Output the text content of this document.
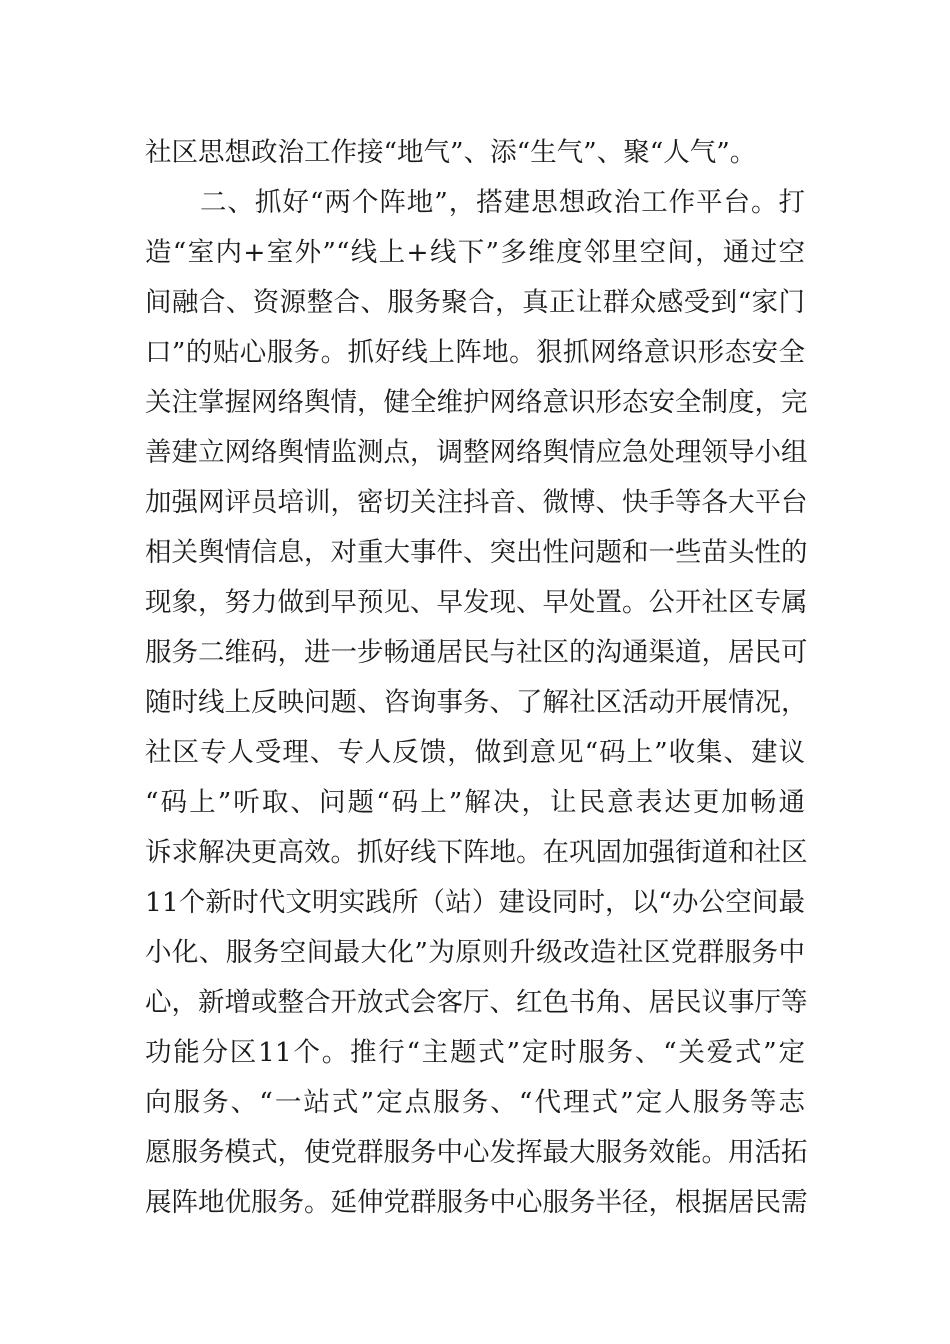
社区思想政治工作接“地气”、添“生气”、聚“人气”。
　　二、抓好“两个阵地”，搭建思想政治工作平台。打
造“室内+室外”“线上+线下”多维度邻里空间，通过空
间融合、资源整合、服务聚合，真正让群众感受到“家门
口”的贴心服务。抓好线上阵地。狠抓网络意识形态安全
关注掌握网络舆情，健全维护网络意识形态安全制度，完
善建立网络舆情监测点，调整网络舆情应急处理领导小组
加强网评员培训，密切关注抖音、微博、快手等各大平台
相关舆情信息，对重大事件、突出性问题和一些苗头性的
现象，努力做到早预见、早发现、早处置。公开社区专属
服务二维码，进一步畅通居民与社区的沟通渠道，居民可
随时线上反映问题、咨询事务、了解社区活动开展情况，
社区专人受理、专人反馈，做到意见“码上”收集、建议
“码上”听取、问题“码上”解决，让民意表达更加畅通
诉求解决更高效。抓好线下阵地。在巩固加强街道和社区
11个新时代文明实践所（站）建设同时，以“办公空间最
小化、服务空间最大化”为原则升级改造社区党群服务中
心，新增或整合开放式会客厅、红色书角、居民议事厅等
功能分区11个。推行“主题式”定时服务、“关爱式”定
向服务、“一站式”定点服务、“代理式”定人服务等志
愿服务模式，使党群服务中心发挥最大服务效能。用活拓
展阵地优服务。延伸党群服务中心服务半径，根据居民需
